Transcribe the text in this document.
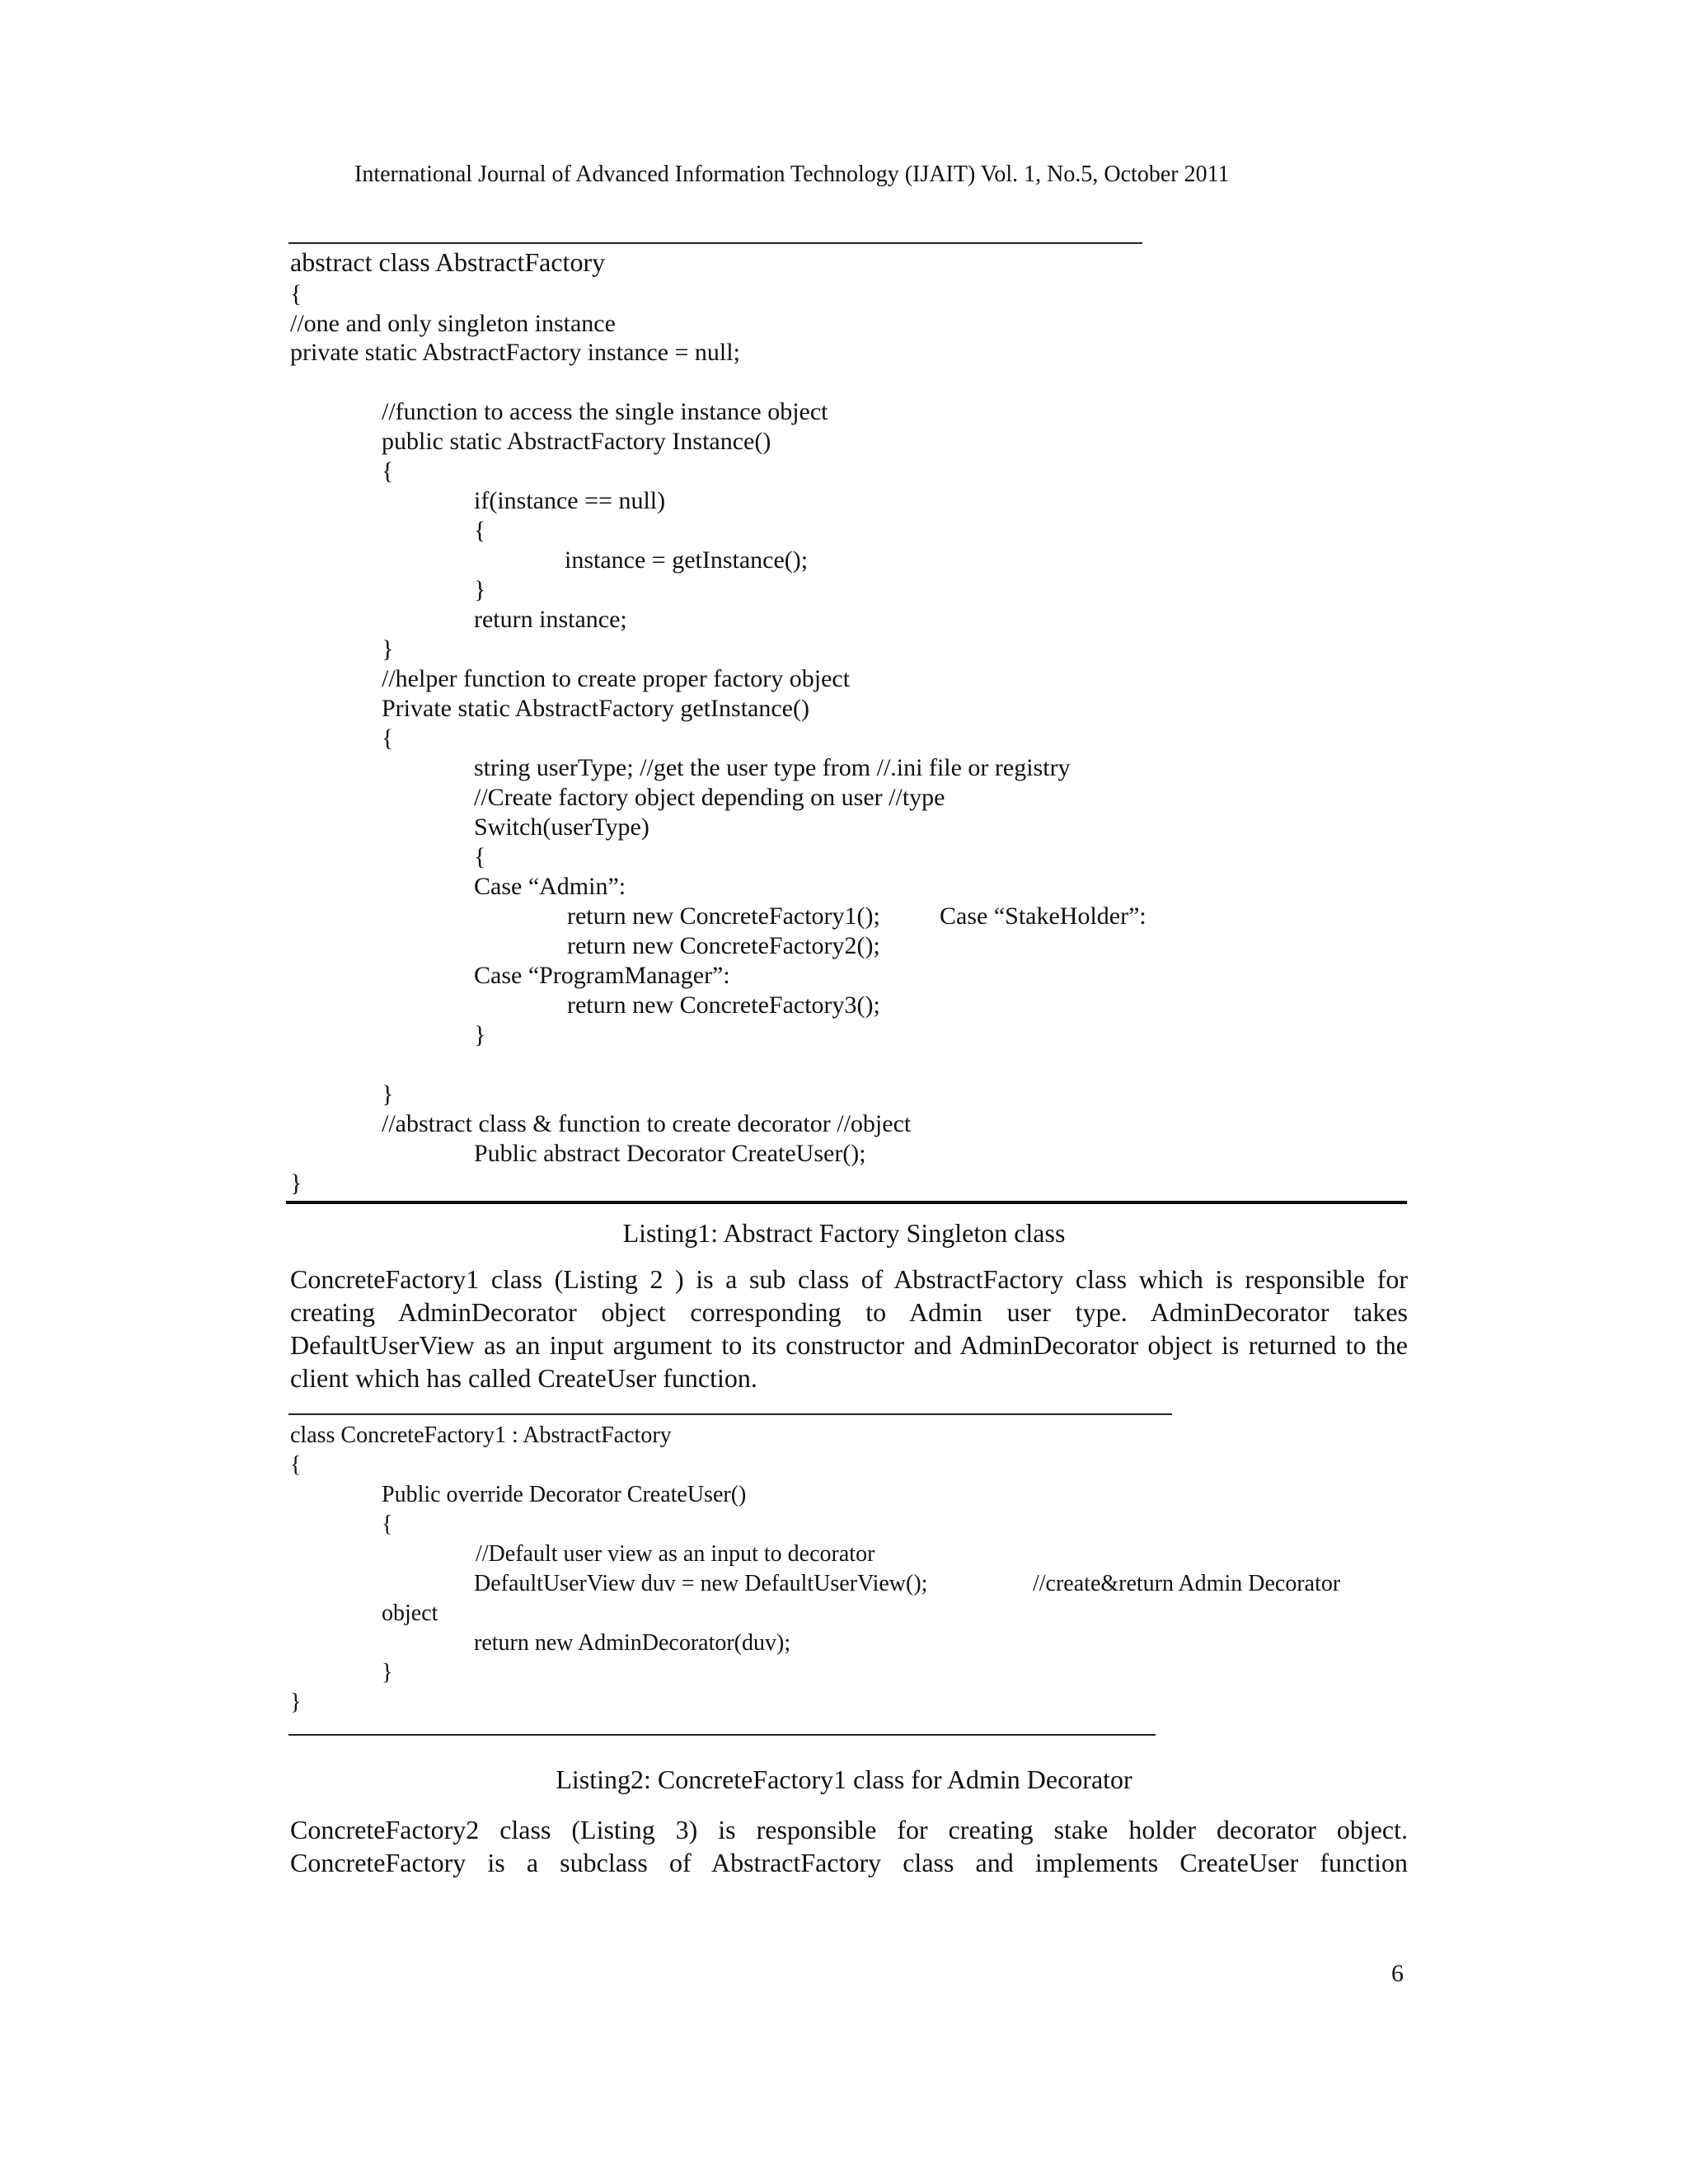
International Journal of Advanced Information Technology (IJAIT) Vol. 1, No.5, October 2011
abstract class AbstractFactory
{
//one and only singleton instance
private static AbstractFactory instance = null;
//function to access the single instance object
public static AbstractFactory Instance()
{
if(instance == null)
{
instance = getInstance();
}
return instance;
}
//helper function to create proper factory object
Private static AbstractFactory getInstance()
{
string userType; //get the user type from //.ini file or registry
//Create factory object depending on user //type
Switch(userType)
{
Case “Admin”:
return new ConcreteFactory1(); Case “StakeHolder”:
return new ConcreteFactory2();
Case “ProgramManager”:
return new ConcreteFactory3();
}
}
//abstract class & function to create decorator //object
Public abstract Decorator CreateUser();
}
Listing1: Abstract Factory Singleton class

ConcreteFactory1 class (Listing 2 ) is a sub class of AbstractFactory class which is responsible for creating AdminDecorator object corresponding to Admin user type. AdminDecorator takes DefaultUserView as an input argument to its constructor and AdminDecorator object is returned to the client which has called CreateUser function.

class ConcreteFactory1 : AbstractFactory
{
Public override Decorator CreateUser()
{
//Default user view as an input to decorator
DefaultUserView duv = new DefaultUserView();	//create&return Admin Decorator
object
return new AdminDecorator(duv);
}
}
Listing2: ConcreteFactory1 class for Admin Decorator

ConcreteFactory2 class (Listing 3) is responsible for creating stake holder decorator object. ConcreteFactory is a subclass of AbstractFactory class and implements CreateUser function

6
